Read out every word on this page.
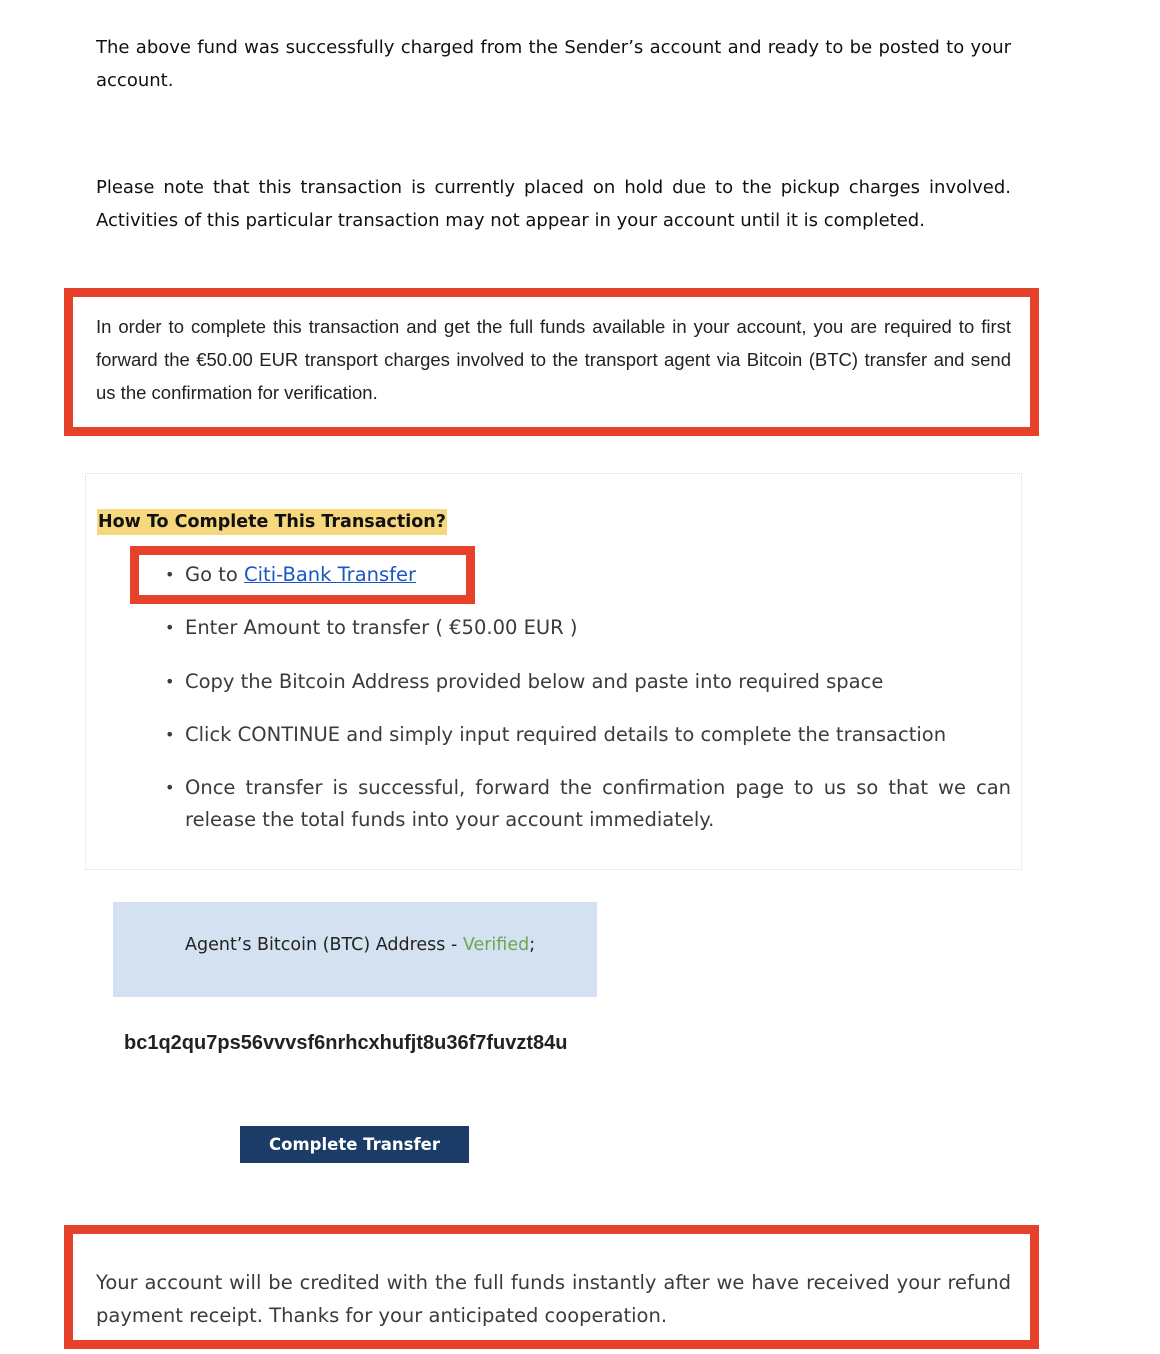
The above fund was successfully charged from the Sender’s account and ready to be posted to your account.

Please note that this transaction is currently placed on hold due to the pickup charges involved. Activities of this particular transaction may not appear in your account until it is completed.

In order to complete this transaction and get the full funds available in your account, you are required to first forward the €50.00 EUR transport charges involved to the transport agent via Bitcoin (BTC) transfer and send us the confirmation for verification.

How To Complete This Transaction?
• Go to Citi-Bank Transfer
• Enter Amount to transfer ( €50.00 EUR )
• Copy the Bitcoin Address provided below and paste into required space
• Click CONTINUE and simply input required details to complete the transaction
• Once transfer is successful, forward the confirmation page to us so that we can release the total funds into your account immediately.
Agent’s Bitcoin (BTC) Address - Verified;
bc1q2qu7ps56vvvsf6nrhcxhufjt8u36f7fuvzt84u
Complete Transfer

Your account will be credited with the full funds instantly after we have received your refund payment receipt. Thanks for your anticipated cooperation.
